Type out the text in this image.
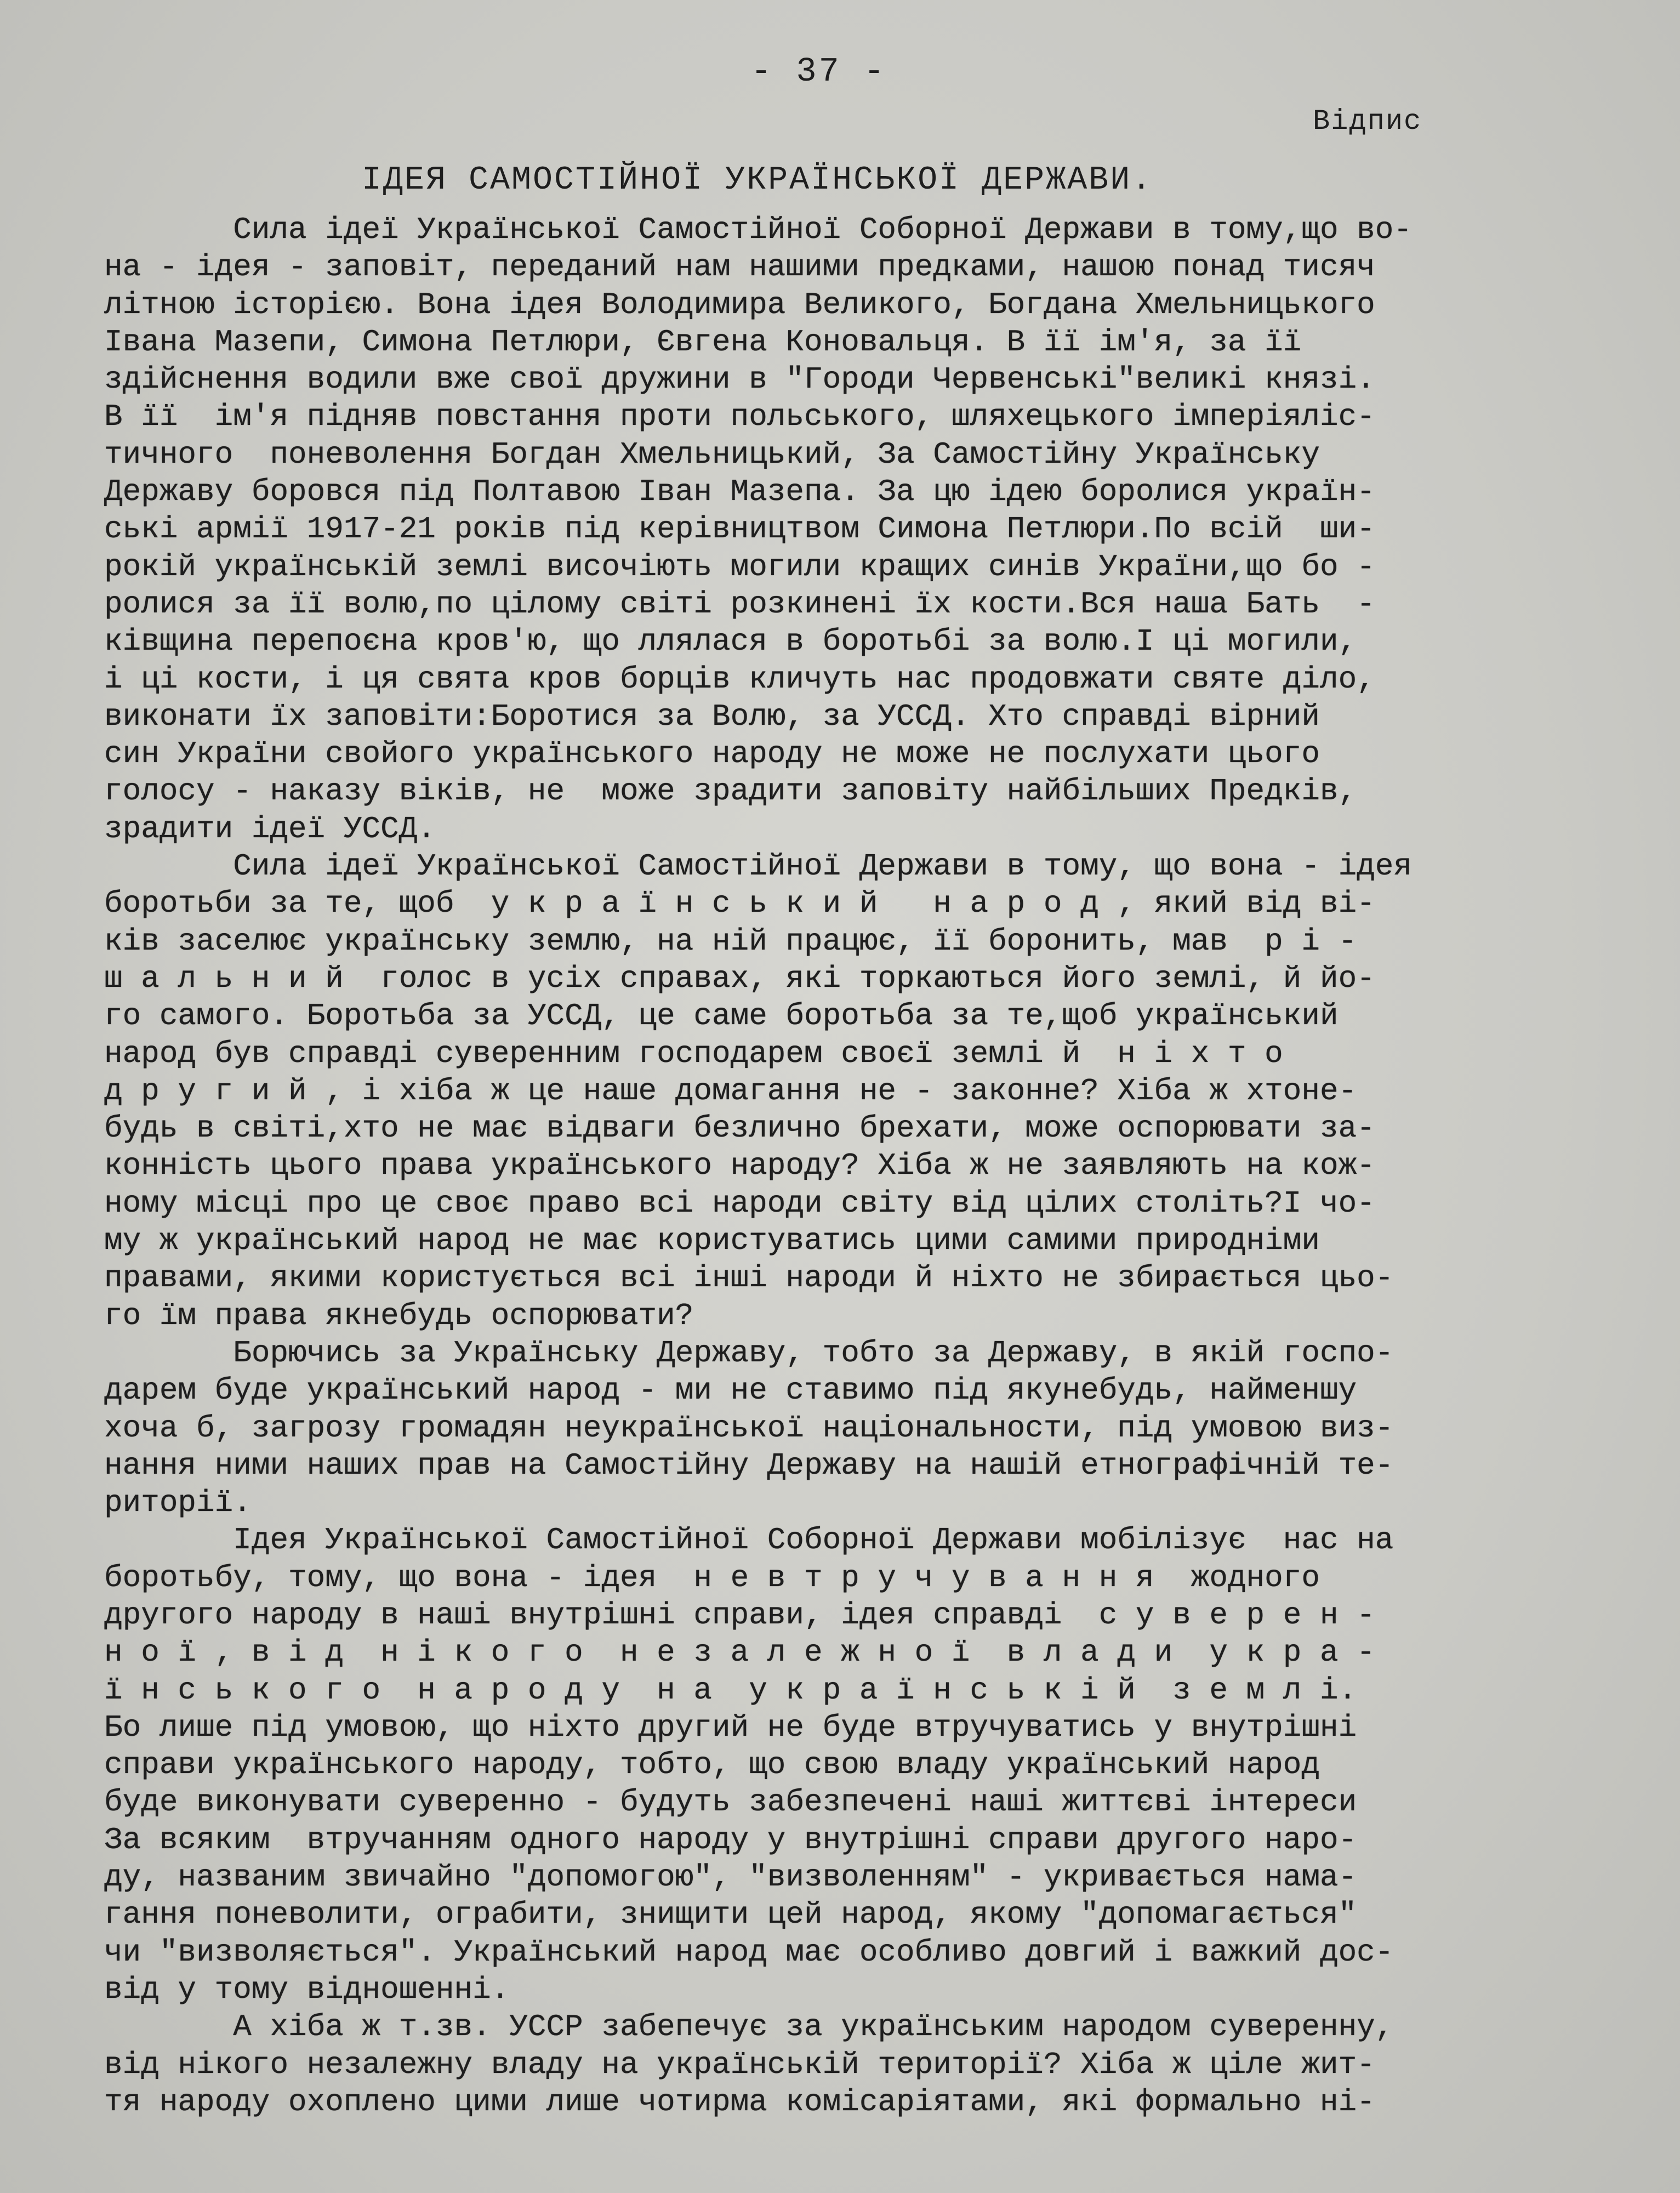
- 37 -
Відпис
ІДЕЯ САМОСТІЙНОЇ УКРАЇНСЬКОЇ ДЕРЖАВИ.
Сила ідеї Української Самостійної Соборної Держави в тому,що во-
на - ідея - заповіт, переданий нам нашими предками, нашою понад тисяч
літною історією. Вона ідея Володимира Великого, Богдана Хмельницького
Івана Мазепи, Симона Петлюри, Євгена Коновальця. В її ім'я, за її
здійснення водили вже свої дружини в "Городи Червенські"великі князі.
В її  ім'я підняв повстання проти польського, шляхецького імперіяліс-
тичного  поневолення Богдан Хмельницький, За Самостійну Українську
Державу боровся під Полтавою Іван Мазепа. За цю ідею боролися україн-
ські армії 1917-21 років під керівництвом Симона Петлюри.По всій  ши-
рокій українській землі височіють могили кращих синів України,що бо -
ролися за її волю,по цілому світі розкинені їх кости.Вся наша Бать  -
ківщина перепоєна кров'ю, що ллялася в боротьбі за волю.І ці могили,
і ці кости, і ця свята кров борців кличуть нас продовжати святе діло,
виконати їх заповіти:Боротися за Волю, за УССД. Хто справді вірний
син України свойого українського народу не може не послухати цього
голосу - наказу віків, не  може зрадити заповіту найбільших Предків,
зрадити ідеї УССД.
Сила ідеї Української Самостійної Держави в тому, що вона - ідея
боротьби за те, щоб  у к р а ї н с ь к и й   н а р о д , який від ві-
ків заселює українську землю, на ній працює, її боронить, мав  р і -
ш а л ь н и й  голос в усіх справах, які торкаються його землі, й йо-
го самого. Боротьба за УССД, це саме боротьба за те,щоб український
народ був справді суверенним господарем своєї землі й  н і х т о
д р у г и й , і хіба ж це наше домагання не - законне? Хіба ж хтоне-
будь в світі,хто не має відваги безлично брехати, може оспорювати за-
конність цього права українського народу? Хіба ж не заявляють на кож-
ному місці про це своє право всі народи світу від цілих століть?І чо-
му ж український народ не має користуватись цими самими природніми
правами, якими користується всі інші народи й ніхто не збирається цьо-
го їм права якнебудь оспорювати?
Борючись за Українську Державу, тобто за Державу, в якій госпо-
дарем буде український народ - ми не ставимо під якунебудь, найменшу
хоча б, загрозу громадян неукраїнської національности, під умовою виз-
нання ними наших прав на Самостійну Державу на нашій етнографічній те-
риторії.
Ідея Української Самостійної Соборної Держави мобілізує  нас на
боротьбу, тому, що вона - ідея  н е в т р у ч у в а н н я  жодного
другого народу в наші внутрішні справи, ідея справді  с у в е р е н -
н о ї , в і д  н і к о г о  н е з а л е ж н о ї  в л а д и  у к р а -
ї н с ь к о г о  н а р о д у  н а  у к р а ї н с ь к і й  з е м л і.
Бо лише під умовою, що ніхто другий не буде втручуватись у внутрішні
справи українського народу, тобто, що свою владу український народ
буде виконувати суверенно - будуть забезпечені наші життєві інтереси
За всяким  втручанням одного народу у внутрішні справи другого наро-
ду, названим звичайно "допомогою", "визволенням" - укривається нама-
гання поневолити, ограбити, знищити цей народ, якому "допомагається"
чи "визволяється". Український народ має особливо довгий і важкий дос-
від у тому відношенні.
А хіба ж т.зв. УССР забепечує за українським народом суверенну,
від нікого незалежну владу на українській території? Хіба ж ціле жит-
тя народу охоплено цими лише чотирма комісаріятами, які формально ні-
